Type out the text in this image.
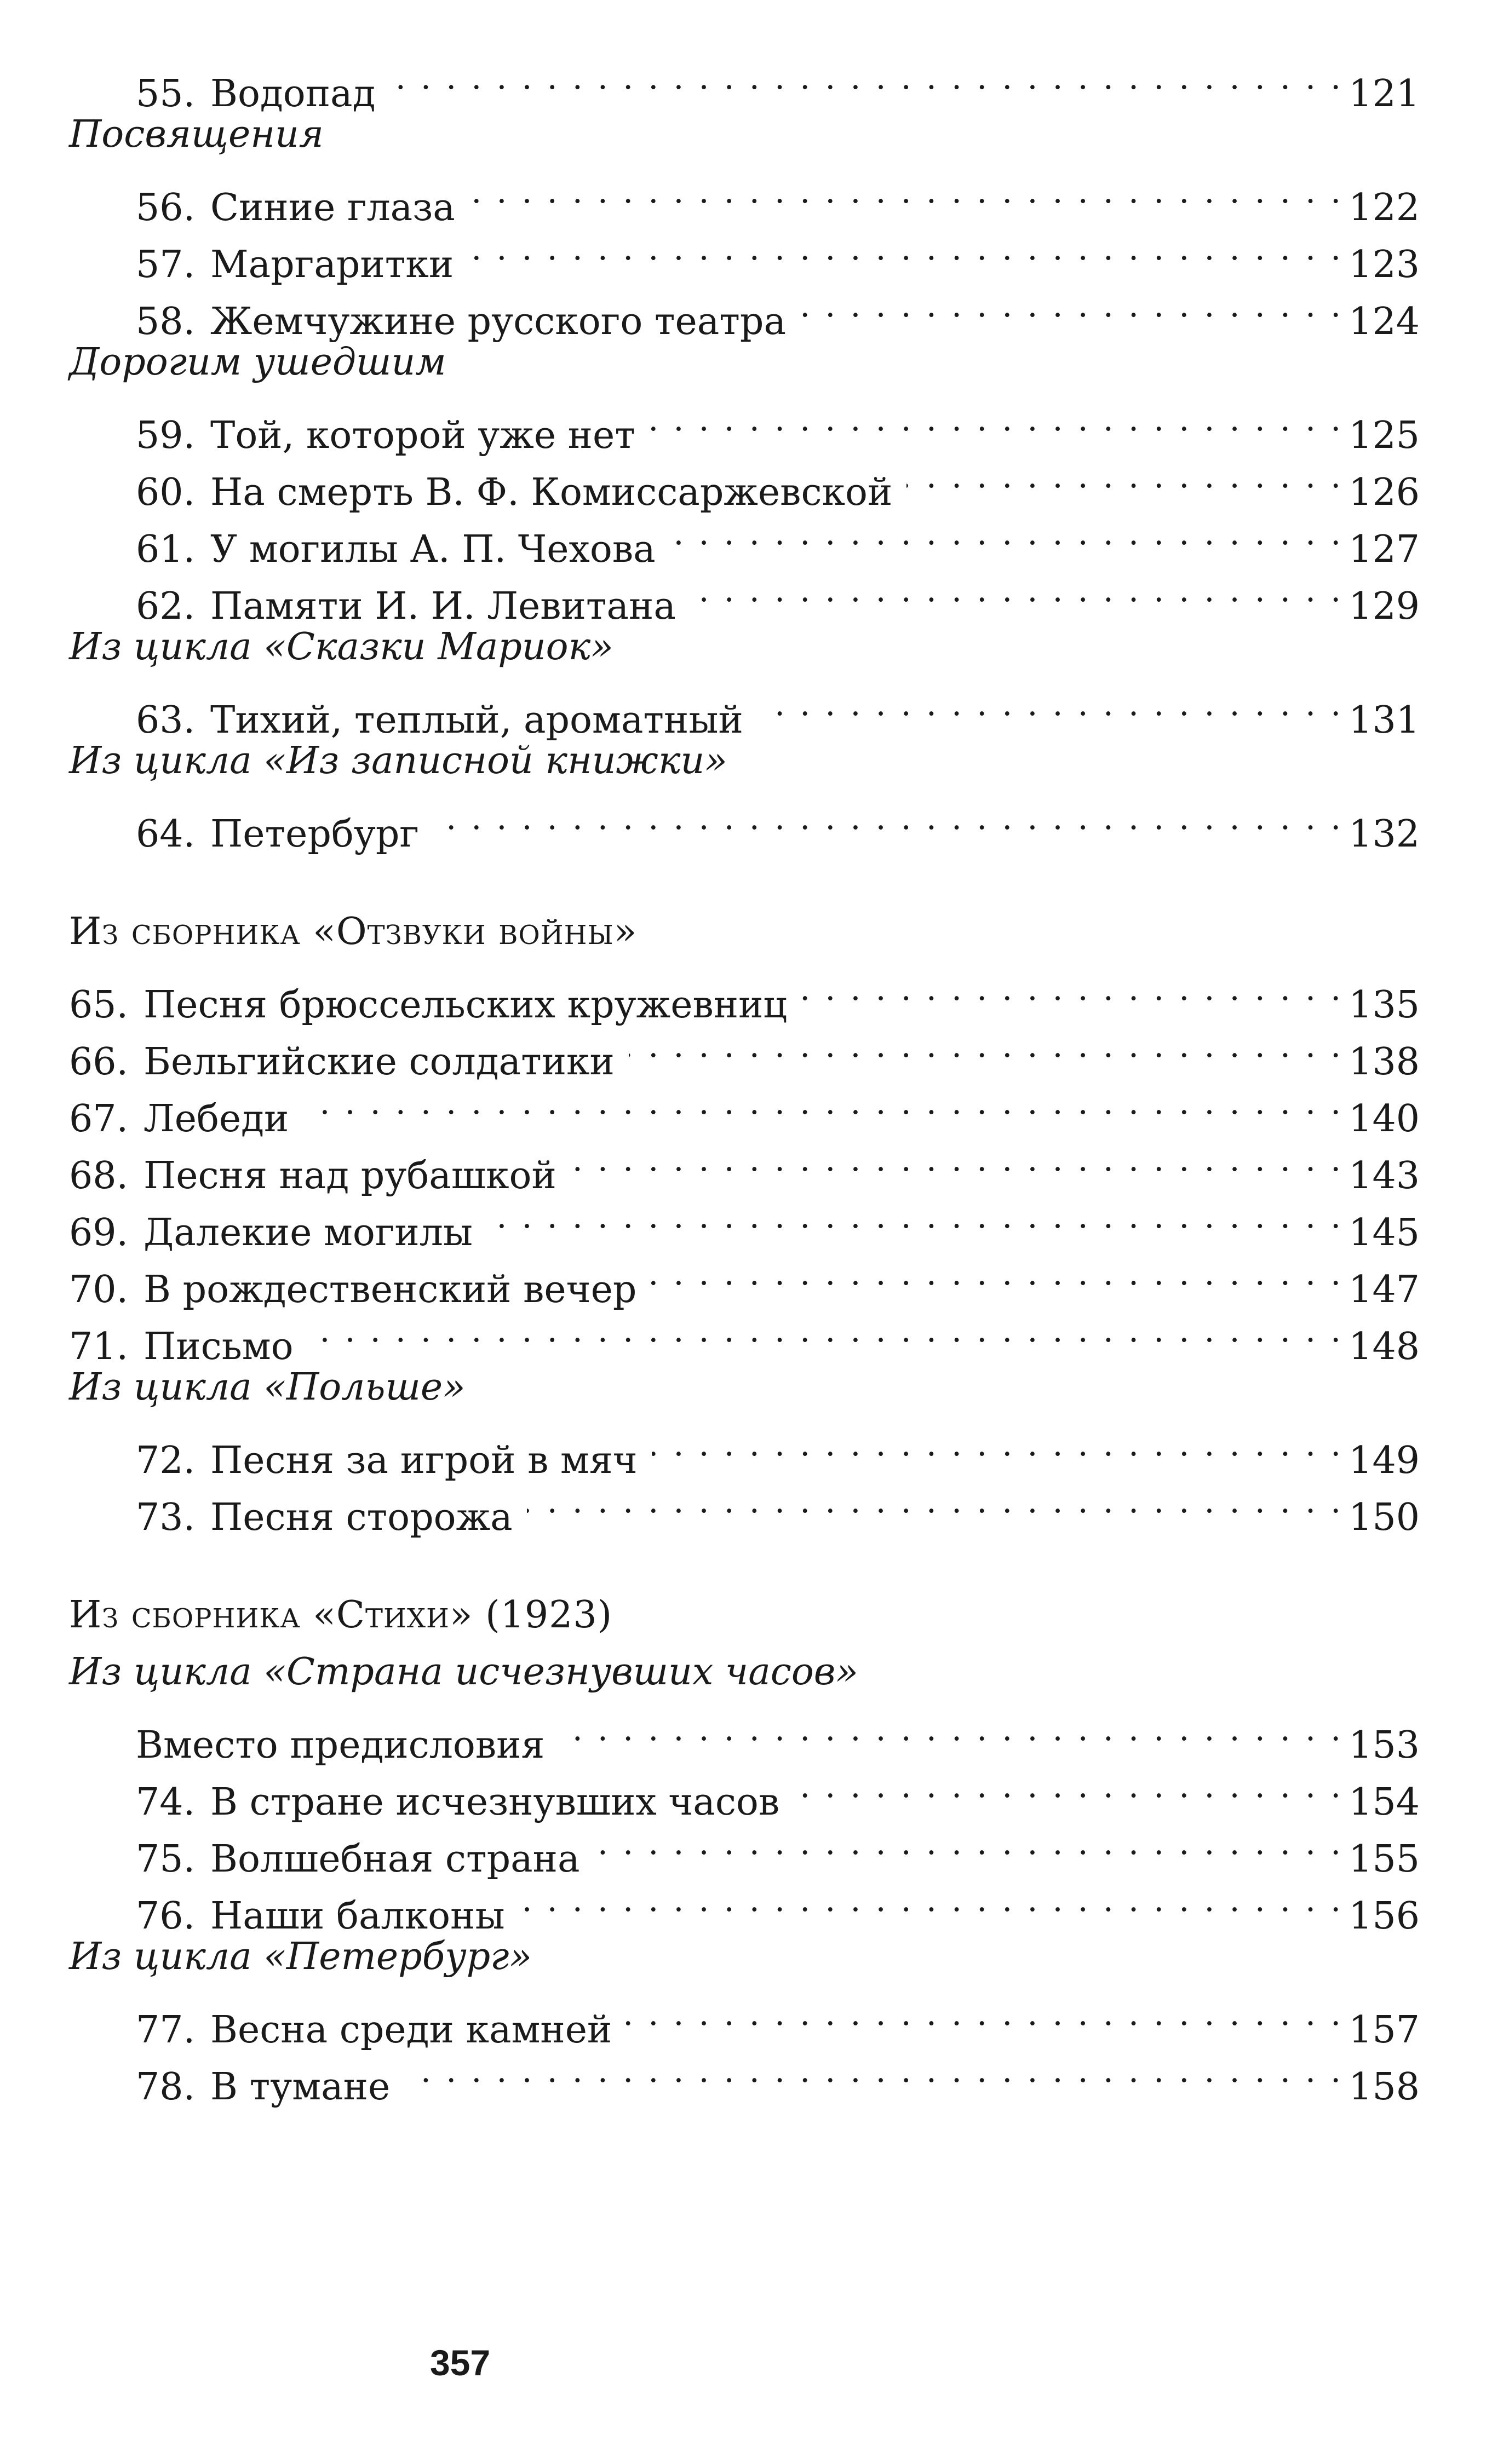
55. Водопад . . .	121
Посвящения
56. Синие глаза . . .	122
57. Маргаритки . . .	123
58. Жемчужине русского театра . . .	124
Дорогим ушедшим
59. Той, которой уже нет . . .	125
60. На смерть В. Ф. Комиссаржевской . . .	126
61. У могилы А. П. Чехова . . .	127
62. Памяти И. И. Левитана . . .	129
Из цикла «Сказки Мариок»
63. Тихий, теплый, ароматный . . .	131
Из цикла «Из записной книжки»
64. Петербург . . .	132
Из сборника «Отзвуки войны»
65. Песня брюссельских кружевниц . . .	135
66. Бельгийские солдатики . . .	138
67. Лебеди . . .	140
68. Песня над рубашкой . . .	143
69. Далекие могилы . . .	145
70. В рождественский вечер . . .	147
71. Письмо . . .	148
Из цикла «Польше»
72. Песня за игрой в мяч . . .	149
73. Песня сторожа . . .	150
Из сборника «Стихи» (1923)
Из цикла «Страна исчезнувших часов»
Вместо предисловия . . .	153
74. В стране исчезнувших часов . . .	154
75. Волшебная страна . . .	155
76. Наши балконы . . .	156
Из цикла «Петербург»
77. Весна среди камней . . .	157
78. В тумане . . .	158
357
